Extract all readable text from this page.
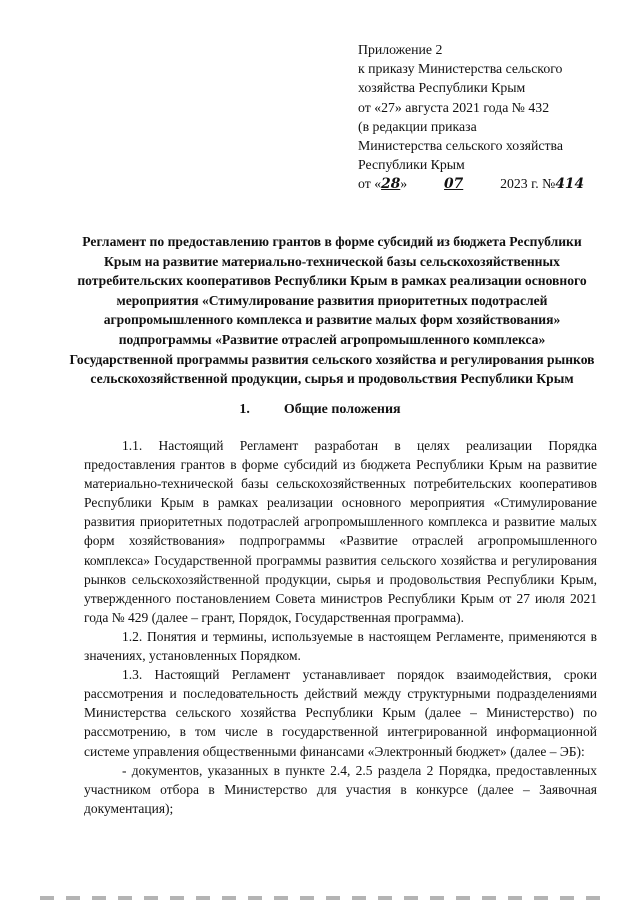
Приложение 2
к приказу Министерства сельского
хозяйства Республики Крым
от «27» августа 2021 года № 432
(в редакции приказа
Министерства сельского хозяйства
Республики Крым
от «28» 07 2023 г. №414
Регламент по предоставлению грантов в форме субсидий из бюджета Республики Крым на развитие материально-технической базы сельскохозяйственных потребительских кооперативов Республики Крым в рамках реализации основного мероприятия «Стимулирование развития приоритетных подотраслей агропромышленного комплекса и развитие малых форм хозяйствования» подпрограммы «Развитие отраслей агропромышленного комплекса» Государственной программы развития сельского хозяйства и регулирования рынков сельскохозяйственной продукции, сырья и продовольствия Республики Крым
1. Общие положения

1.1. Настоящий Регламент разработан в целях реализации Порядка предоставления грантов в форме субсидий из бюджета Республики Крым на развитие материально-технической базы сельскохозяйственных потребительских кооперативов Республики Крым в рамках реализации основного мероприятия «Стимулирование развития приоритетных подотраслей агропромышленного комплекса и развитие малых форм хозяйствования» подпрограммы «Развитие отраслей агропромышленного комплекса» Государственной программы развития сельского хозяйства и регулирования рынков сельскохозяйственной продукции, сырья и продовольствия Республики Крым, утвержденного постановлением Совета министров Республики Крым от 27 июля 2021 года № 429 (далее – грант, Порядок, Государственная программа).

1.2. Понятия и термины, используемые в настоящем Регламенте, применяются в значениях, установленных Порядком.

1.3. Настоящий Регламент устанавливает порядок взаимодействия, сроки рассмотрения и последовательность действий между структурными подразделениями Министерства сельского хозяйства Республики Крым (далее – Министерство) по рассмотрению, в том числе в государственной интегрированной информационной системе управления общественными финансами «Электронный бюджет» (далее – ЭБ):

- документов, указанных в пункте 2.4, 2.5 раздела 2 Порядка, предоставленных участником отбора в Министерство для участия в конкурсе (далее – Заявочная документация);
